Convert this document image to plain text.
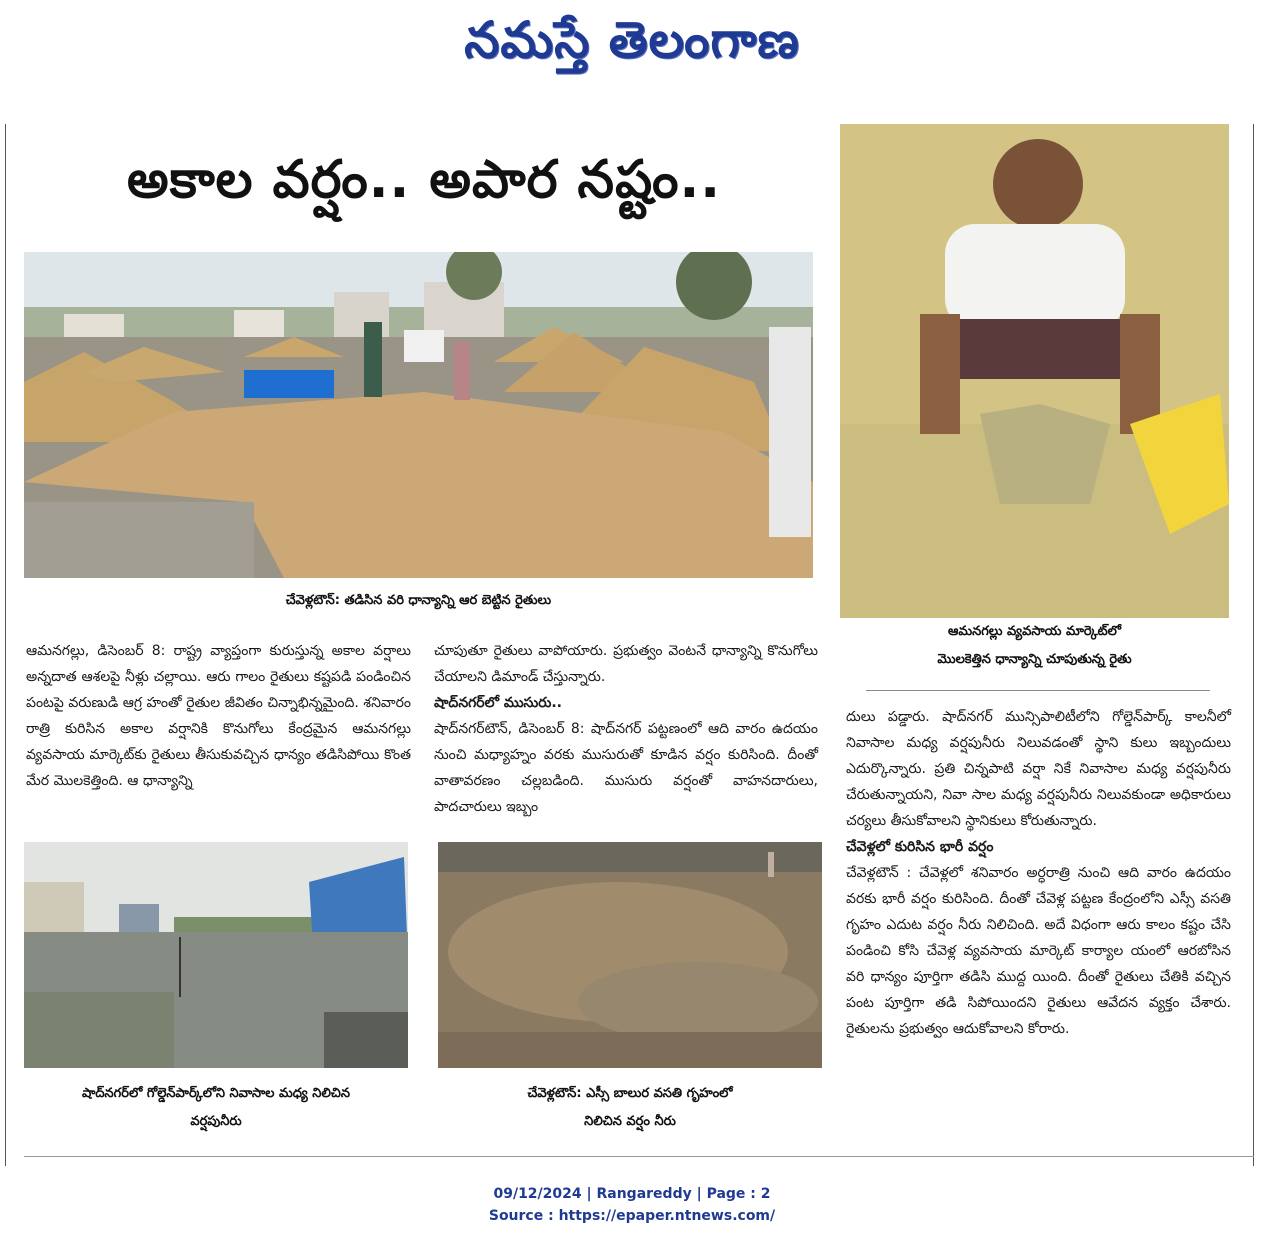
నమస్తే తెలంగాణ
అకాల వర్షం.. అపార నష్టం..
చేవెళ్లటౌన్: తడిసిన వరి ధాన్యాన్ని ఆర బెట్టిన రైతులు
ఆమనగల్లు వ్యవసాయ మార్కెట్‌లో
మొలకెత్తిన ధాన్యాన్ని చూపుతున్న రైతు
ఆమనగల్లు, డిసెంబర్ 8: రాష్ట్ర వ్యాప్తంగా కురుస్తున్న అకాల వర్షాలు అన్నదాత ఆశలపై నీళ్లు చల్లాయి. ఆరు గాలం రైతులు కష్టపడి పండించిన పంటపై వరుణుడి ఆగ్ర హంతో రైతుల జీవితం చిన్నాభిన్నమైంది. శనివారం రాత్రి కురిసిన అకాల వర్షానికి కొనుగోలు కేంద్రమైన ఆమనగల్లు వ్యవసాయ మార్కెట్‌కు రైతులు తీసుకువచ్చిన ధాన్యం తడిసిపోయి కొంత మేర మొలకెత్తింది. ఆ ధాన్యాన్ని
చూపుతూ రైతులు వాపోయారు. ప్రభుత్వం వెంటనే ధాన్యాన్ని కొనుగోలు చేయాలని డిమాండ్ చేస్తున్నారు.
షాద్‌నగర్‌లో ముసురు..
షాద్‌నగర్‌టౌన్, డిసెంబర్ 8: షాద్‌నగర్ పట్టణంలో ఆది వారం ఉదయం నుంచి మధ్యాహ్నం వరకు ముసురుతో కూడిన వర్షం కురిసింది. దీంతో వాతావరణం చల్లబడింది. ముసురు వర్షంతో వాహనదారులు, పాదచారులు ఇబ్బం
దులు పడ్డారు. షాద్‌నగర్ మున్సిపాలిటీలోని గోల్డెన్‌పార్క్ కాలనీలో నివాసాల మధ్య వర్షపునీరు నిలువడంతో స్థాని కులు ఇబ్బందులు ఎదుర్కొన్నారు. ప్రతి చిన్నపాటి వర్షా నికే నివాసాల మధ్య వర్షపునీరు చేరుతున్నాయని, నివా సాల మధ్య వర్షపునీరు నిలువకుండా అధికారులు చర్యలు తీసుకోవాలని స్థానికులు కోరుతున్నారు.
చేవెళ్లలో కురిసిన భారీ వర్షం
చేవెళ్లటౌన్ : చేవెళ్లలో శనివారం అర్ధరాత్రి నుంచి ఆది వారం ఉదయం వరకు భారీ వర్షం కురిసింది. దీంతో చేవెళ్ల పట్టణ కేంద్రంలోని ఎస్సీ వసతి గృహం ఎదుట వర్షం నీరు నిలిచింది. అదే విధంగా ఆరు కాలం కష్టం చేసి పండించి కోసి చేవెళ్ల వ్యవసాయ మార్కెట్ కార్యాల యంలో ఆరబోసిన వరి ధాన్యం పూర్తిగా తడిసి ముద్ద యింది. దీంతో రైతులు చేతికి వచ్చిన పంట పూర్తిగా తడి సిపోయిందని రైతులు ఆవేదన వ్యక్తం చేశారు. రైతులను ప్రభుత్వం ఆదుకోవాలని కోరారు.
షాద్‌నగర్‌లో గోల్డెన్‌పార్క్‌లోని నివాసాల మధ్య నిలిచిన
వర్షపునీరు
చేవెళ్లటౌన్: ఎస్సీ బాలుర వసతి గృహంలో
నిలిచిన వర్షం నీరు
09/12/2024 | Rangareddy | Page : 2
Source : https://epaper.ntnews.com/
